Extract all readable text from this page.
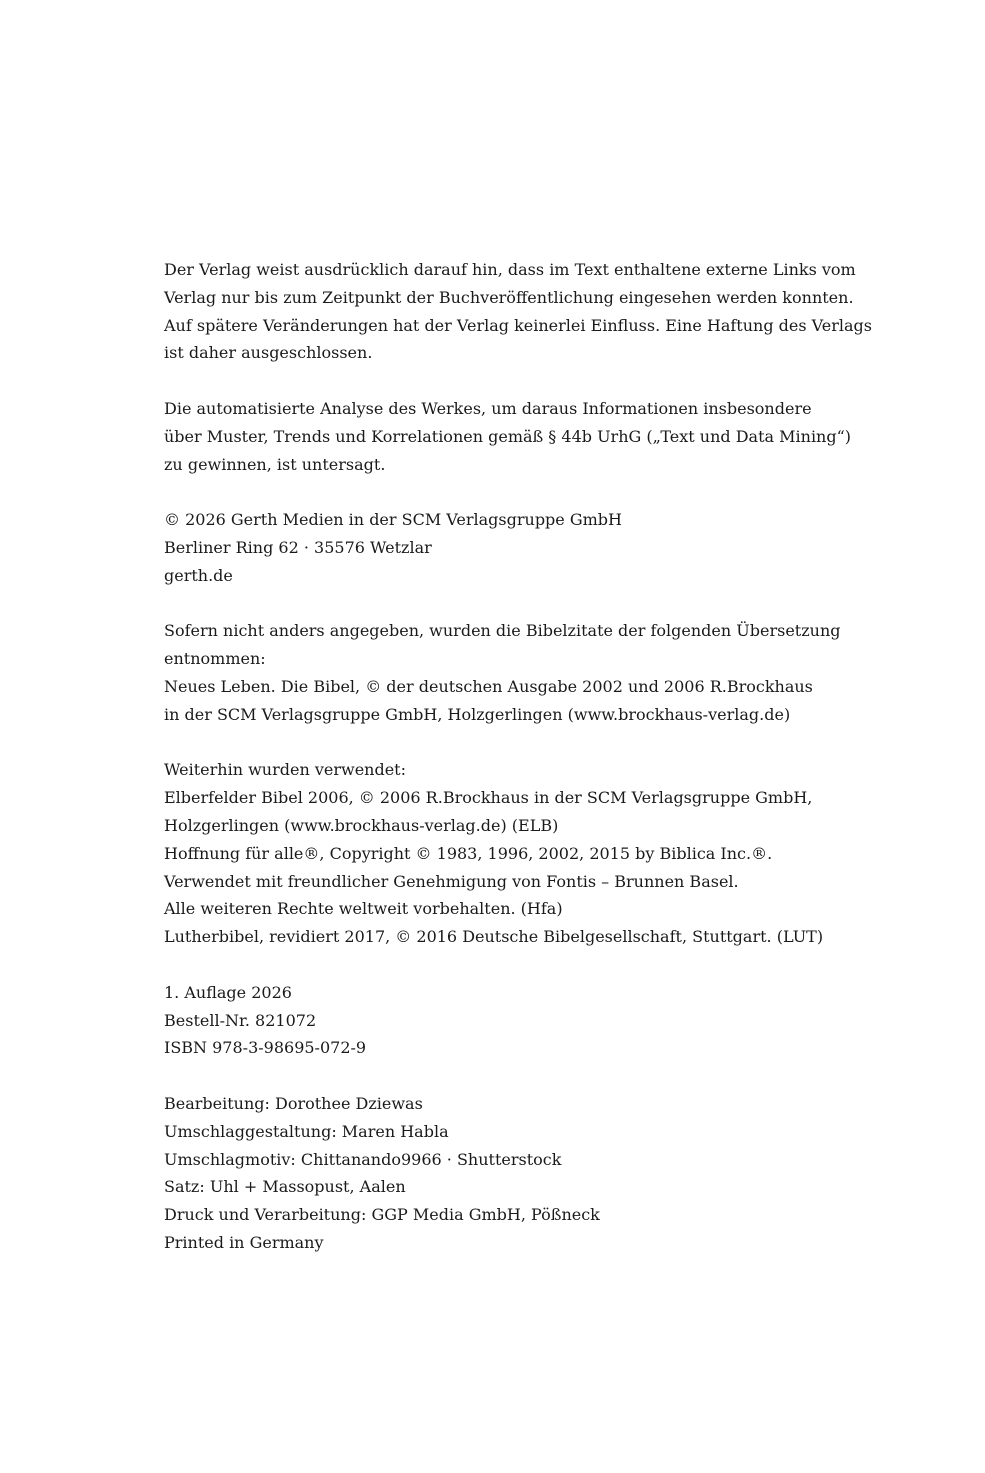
Der Verlag weist ausdrücklich darauf hin, dass im Text enthaltene externe Links vom
Verlag nur bis zum Zeitpunkt der Buchveröffentlichung eingesehen werden konnten.
Auf spätere Veränderungen hat der Verlag keinerlei Einfluss. Eine Haftung des Verlags
ist daher ausgeschlossen.

Die automatisierte Analyse des Werkes, um daraus Informationen insbesondere
über Muster, Trends und Korrelationen gemäß § 44b UrhG („Text und Data Mining“)
zu gewinnen, ist untersagt.

© 2026 Gerth Medien in der SCM Verlagsgruppe GmbH
Berliner Ring 62 · 35576 Wetzlar
gerth.de

Sofern nicht anders angegeben, wurden die Bibelzitate der folgenden Übersetzung
entnommen:
Neues Leben. Die Bibel, © der deutschen Ausgabe 2002 und 2006 R.Brockhaus
in der SCM Verlagsgruppe GmbH, Holzgerlingen (www.brockhaus-verlag.de)

Weiterhin wurden verwendet:
Elberfelder Bibel 2006, © 2006 R.Brockhaus in der SCM Verlagsgruppe GmbH,
Holzgerlingen (www.brockhaus-verlag.de) (ELB)
Hoffnung für alle®, Copyright © 1983, 1996, 2002, 2015 by Biblica Inc.®.
Verwendet mit freundlicher Genehmigung von Fontis – Brunnen Basel.
Alle weiteren Rechte weltweit vorbehalten. (Hfa)
Lutherbibel, revidiert 2017, © 2016 Deutsche Bibelgesellschaft, Stuttgart. (LUT)

1. Auflage 2026
Bestell-Nr. 821072
ISBN 978-3-98695-072-9

Bearbeitung: Dorothee Dziewas
Umschlaggestaltung: Maren Habla
Umschlagmotiv: Chittanando9966 · Shutterstock
Satz: Uhl + Massopust, Aalen
Druck und Verarbeitung: GGP Media GmbH, Pößneck
Printed in Germany
